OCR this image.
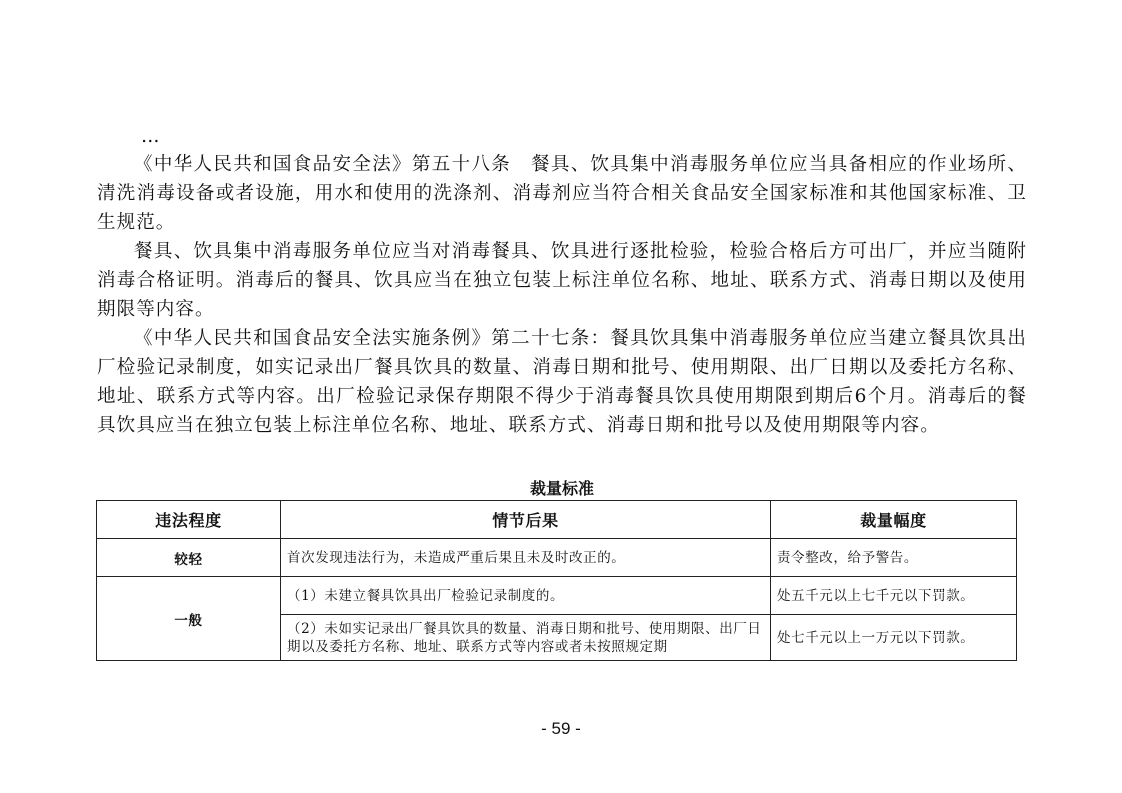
…

《中华人民共和国食品安全法》第五十八条　餐具、饮具集中消毒服务单位应当具备相应的作业场所、清洗消毒设备或者设施，用水和使用的洗涤剂、消毒剂应当符合相关食品安全国家标准和其他国家标准、卫生规范。

餐具、饮具集中消毒服务单位应当对消毒餐具、饮具进行逐批检验，检验合格后方可出厂，并应当随附消毒合格证明。消毒后的餐具、饮具应当在独立包装上标注单位名称、地址、联系方式、消毒日期以及使用期限等内容。

《中华人民共和国食品安全法实施条例》第二十七条：餐具饮具集中消毒服务单位应当建立餐具饮具出厂检验记录制度，如实记录出厂餐具饮具的数量、消毒日期和批号、使用期限、出厂日期以及委托方名称、地址、联系方式等内容。出厂检验记录保存期限不得少于消毒餐具饮具使用期限到期后6个月。消毒后的餐具饮具应当在独立包装上标注单位名称、地址、联系方式、消毒日期和批号以及使用期限等内容。

裁量标准
违法程度	情节后果	裁量幅度
较轻	首次发现违法行为，未造成严重后果且未及时改正的。	责令整改，给予警告。
一般	（1）未建立餐具饮具出厂检验记录制度的。	处五千元以上七千元以下罚款。
	（2）未如实记录出厂餐具饮具的数量、消毒日期和批号、使用期限、出厂日期以及委托方名称、地址、联系方式等内容或者未按照规定期	处七千元以上一万元以下罚款。
- 59 -
